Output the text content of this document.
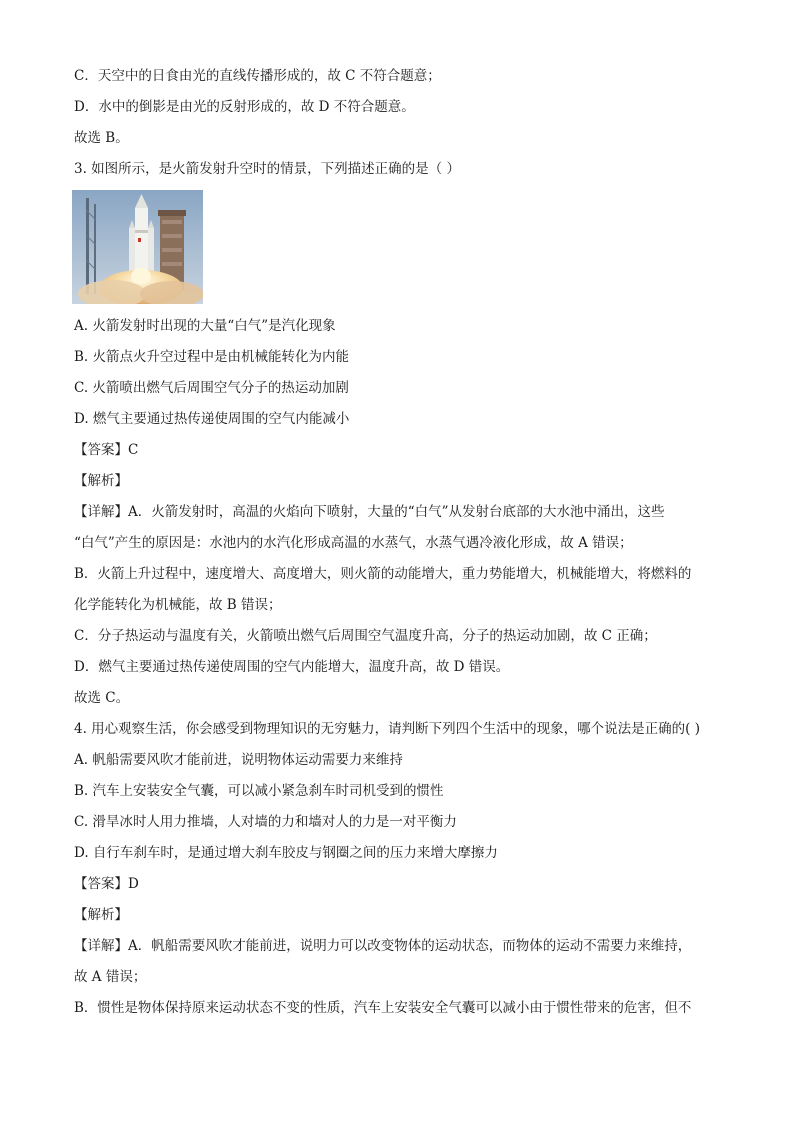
C．天空中的日食由光的直线传播形成的，故 C 不符合题意；
D．水中的倒影是由光的反射形成的，故 D 不符合题意。
故选 B。
3. 如图所示，是火箭发射升空时的情景，下列描述正确的是（ ）
A. 火箭发射时出现的大量“白气”是汽化现象
B. 火箭点火升空过程中是由机械能转化为内能
C. 火箭喷出燃气后周围空气分子的热运动加剧
D. 燃气主要通过热传递使周围的空气内能减小
【答案】C
【解析】
【详解】A．火箭发射时，高温的火焰向下喷射，大量的“白气”从发射台底部的大水池中涌出，这些
“白气”产生的原因是：水池内的水汽化形成高温的水蒸气，水蒸气遇冷液化形成，故 A 错误；
B．火箭上升过程中，速度增大、高度增大，则火箭的动能增大，重力势能增大，机械能增大，将燃料的
化学能转化为机械能，故 B 错误；
C．分子热运动与温度有关，火箭喷出燃气后周围空气温度升高，分子的热运动加剧，故 C 正确；
D．燃气主要通过热传递使周围的空气内能增大，温度升高，故 D 错误。
故选 C。
4. 用心观察生活，你会感受到物理知识的无穷魅力，请判断下列四个生活中的现象，哪个说法是正确的( )
A. 帆船需要风吹才能前进，说明物体运动需要力来维持
B. 汽车上安装安全气囊，可以减小紧急刹车时司机受到的惯性
C. 滑旱冰时人用力推墙，人对墙的力和墙对人的力是一对平衡力
D. 自行车刹车时，是通过增大刹车胶皮与钢圈之间的压力来增大摩擦力
【答案】D
【解析】
【详解】A．帆船需要风吹才能前进，说明力可以改变物体的运动状态，而物体的运动不需要力来维持，
故 A 错误；
B．惯性是物体保持原来运动状态不变的性质，汽车上安装安全气囊可以减小由于惯性带来的危害，但不
